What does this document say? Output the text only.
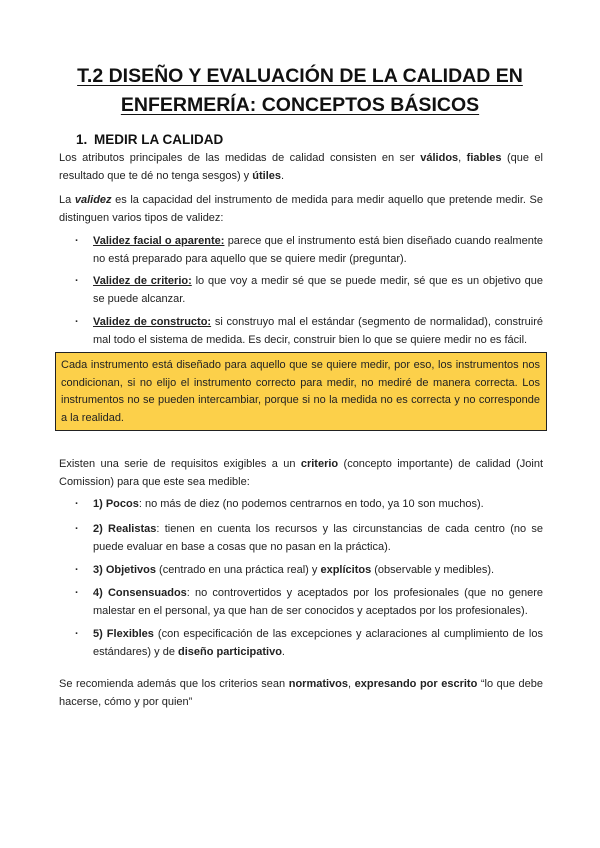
T.2 DISEÑO Y EVALUACIÓN DE LA CALIDAD EN
ENFERMERÍA: CONCEPTOS BÁSICOS
1. MEDIR LA CALIDAD

Los atributos principales de las medidas de calidad consisten en ser válidos, fiables (que el resultado que te dé no tenga sesgos) y útiles.

La validez es la capacidad del instrumento de medida para medir aquello que pretende medir. Se distinguen varios tipos de validez:

· Validez facial o aparente: parece que el instrumento está bien diseñado cuando realmente no está preparado para aquello que se quiere medir (preguntar).
· Validez de criterio: lo que voy a medir sé que se puede medir, sé que es un objetivo que se puede alcanzar.
· Validez de constructo: si construyo mal el estándar (segmento de normalidad), construiré mal todo el sistema de medida. Es decir, construir bien lo que se quiere medir no es fácil.
Cada instrumento está diseñado para aquello que se quiere medir, por eso, los instrumentos nos condicionan, si no elijo el instrumento correcto para medir, no mediré de manera correcta. Los instrumentos no se pueden intercambiar, porque si no la medida no es correcta y no corresponde a la realidad.

Existen una serie de requisitos exigibles a un criterio (concepto importante) de calidad (Joint Comission) para que este sea medible:

· 1) Pocos: no más de diez (no podemos centrarnos en todo, ya 10 son muchos).
· 2) Realistas: tienen en cuenta los recursos y las circunstancias de cada centro (no se puede evaluar en base a cosas que no pasan en la práctica).
· 3) Objetivos (centrado en una práctica real) y explícitos (observable y medibles).
· 4) Consensuados: no controvertidos y aceptados por los profesionales (que no genere malestar en el personal, ya que han de ser conocidos y aceptados por los profesionales).
· 5) Flexibles (con especificación de las excepciones y aclaraciones al cumplimiento de los estándares) y de diseño participativo.

Se recomienda además que los criterios sean normativos, expresando por escrito “lo que debe hacerse, cómo y por quien”
